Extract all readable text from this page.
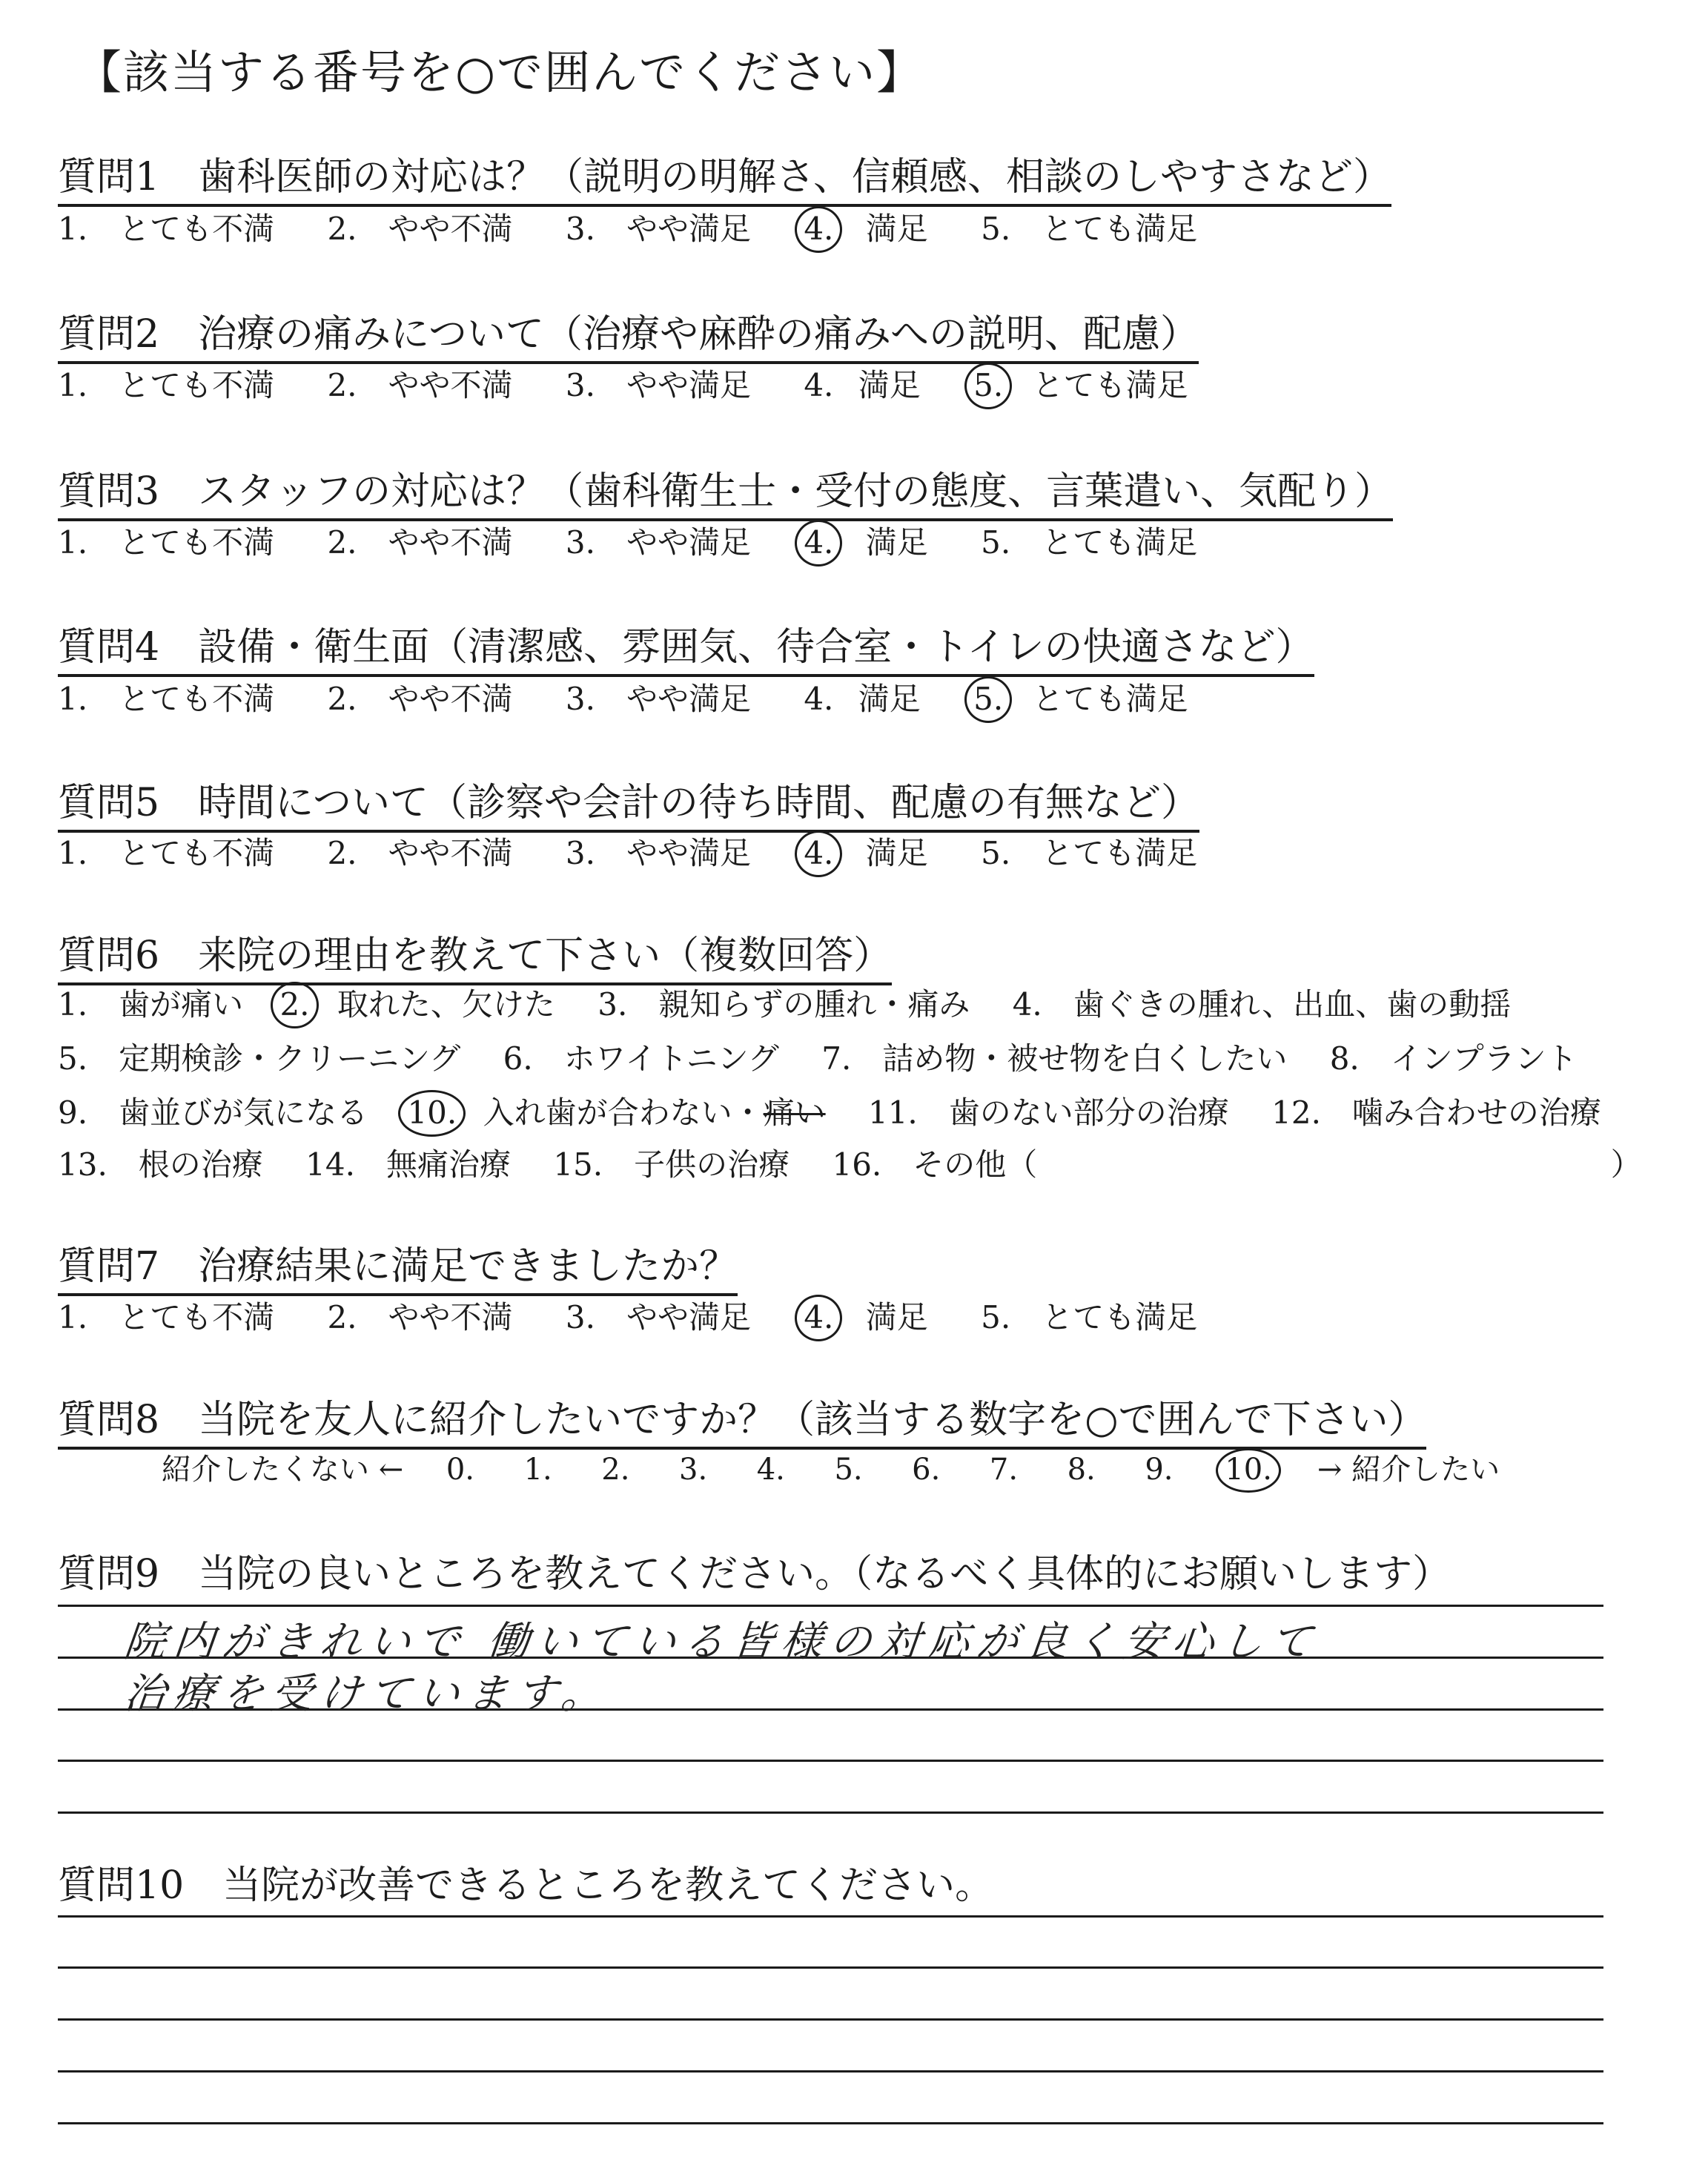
【該当する番号を○で囲んでください】
質問1　歯科医師の対応は？（説明の明解さ、信頼感、相談のしやすさなど）
1.　とても不満 2.　やや不満 3.　やや満足 4. 満足 5.　とても満足
質問2　治療の痛みについて（治療や麻酔の痛みへの説明、配慮）
1.　とても不満 2.　やや不満 3.　やや満足 4. 満足 5. とても満足
質問3　スタッフの対応は？（歯科衛生士・受付の態度、言葉遣い、気配り）
1.　とても不満 2.　やや不満 3.　やや満足 4. 満足 5.　とても満足
質問4　設備・衛生面（清潔感、雰囲気、待合室・トイレの快適さなど）
1.　とても不満 2.　やや不満 3.　やや満足 4. 満足 5. とても満足
質問5　時間について（診察や会計の待ち時間、配慮の有無など）
1.　とても不満 2.　やや不満 3.　やや満足 4. 満足 5.　とても満足
質問6　来院の理由を教えて下さい（複数回答）
1.　歯が痛い 2. 取れた、欠けた 3.　親知らずの腫れ・痛み 4.　歯ぐきの腫れ、出血、歯の動揺
5.　定期検診・クリーニング 6.　ホワイトニング 7.　詰め物・被せ物を白くしたい 8.　インプラント
9.　歯並びが気になる 10. 入れ歯が合わない・痛い 11.　歯のない部分の治療 12.　噛み合わせの治療
13.　根の治療 14.　無痛治療 15.　子供の治療 16.　その他（	）
質問7　治療結果に満足できましたか？
1.　とても不満 2.　やや不満 3.　やや満足 4. 満足 5.　とても満足
質問8　当院を友人に紹介したいですか？（該当する数字を○で囲んで下さい）
紹介したくない ← 0. 1. 2. 3. 4. 5. 6. 7. 8. 9. 10. → 紹介したい
質問9　当院の良いところを教えてください。（なるべく具体的にお願いします）
院内がきれいで 働いている皆様の対応が良く安心して
治療を受けています。
質問10　当院が改善できるところを教えてください。
